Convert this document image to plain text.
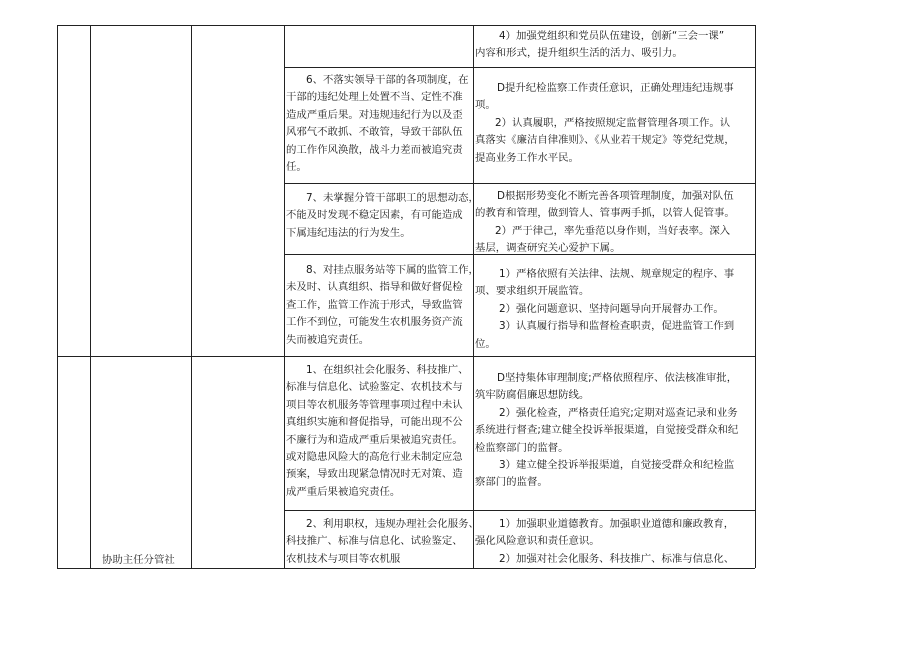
4）加强党组织和党员队伍建设，创新“三会一课”

内容和形式，提升组织生活的活力、吸引力。

6、不落实领导干部的各项制度，在

干部的违纪处理上处置不当、定性不准

造成严重后果。对违规违纪行为以及歪

风邪气不敢抓、不敢管，导致干部队伍

的工作作风涣散，战斗力差而被追究责

任。

D提升纪检监察工作责任意识，正确处理违纪违规事

项。

2）认真履职，严格按照规定监督管理各项工作。认

真落实《廉洁自律准则》、《从业若干规定》等党纪党规，

提高业务工作水平民。

7、未掌握分管干部职工的思想动态，

不能及时发现不稳定因素，有可能造成

下属违纪违法的行为发生。

D根据形势变化不断完善各项管理制度，加强对队伍

的教育和管理，做到管人、管事两手抓，以管人促管事。

2）严于律己，率先垂范以身作则，当好表率。深入

基层，调查研究关心爱护下属。

8、对挂点服务站等下属的监管工作，

未及时、认真组织、指导和做好督促检

查工作，监管工作流于形式，导致监管

工作不到位，可能发生农机服务资产流

失而被追究责任。

1）严格依照有关法律、法规、规章规定的程序、事

项、要求组织开展监管。

2）强化问题意识、坚持问题导向开展督办工作。

3）认真履行指导和监督检查职责，促进监管工作到

位。

1、在组织社会化服务、科技推广、

标准与信息化、试验鉴定、农机技术与

项目等农机服务等管理事项过程中未认

真组织实施和督促指导，可能出现不公

不廉行为和造成严重后果被追究责任。

或对隐患风险大的高危行业未制定应急

预案，导致出现紧急情况时无对策、造

成严重后果被追究责任。

D坚持集体审理制度;严格依照程序、依法核准审批，

筑牢防腐倡廉思想防线。

2）强化检查，严格责任追究;定期对巡查记录和业务

系统进行督查;建立健全投诉举报渠道，自觉接受群众和纪

检监察部门的监督。

3）建立健全投诉举报渠道，自觉接受群众和纪检监

察部门的监督。

2、利用职权，违规办理社会化服务、

科技推广、标准与信息化、试验鉴定、

农机技术与项目等农机服

1）加强职业道德教育。加强职业道德和廉政教育，

强化风险意识和责任意识。

2）加强对社会化服务、科技推广、标准与信息化、

协助主任分管社
